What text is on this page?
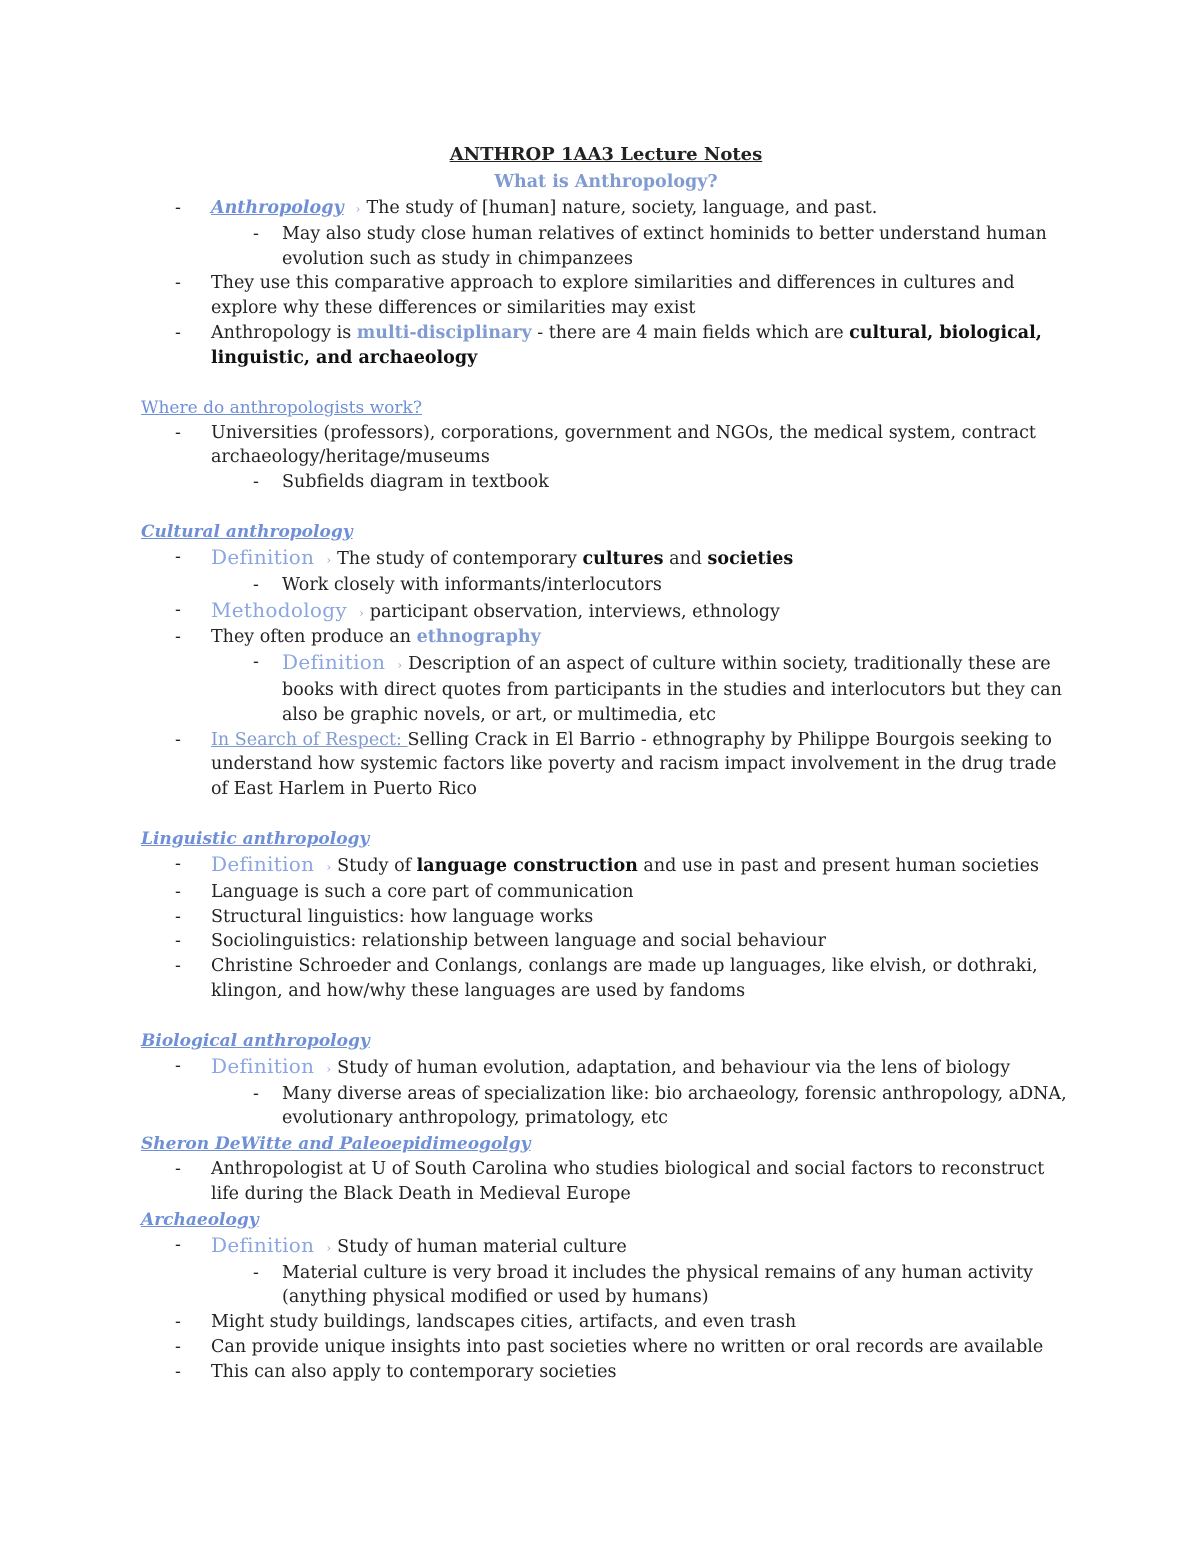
ANTHROP 1AA3 Lecture Notes
What is Anthropology?
- Anthropology › The study of [human] nature, society, language, and past.
- May also study close human relatives of extinct hominids to better understand human evolution such as study in chimpanzees
- They use this comparative approach to explore similarities and differences in cultures and explore why these differences or similarities may exist
- Anthropology is multi-disciplinary - there are 4 main fields which are cultural, biological, linguistic, and archaeology
Where do anthropologists work?
- Universities (professors), corporations, government and NGOs, the medical system, contract archaeology/heritage/museums
- Subfields diagram in textbook
Cultural anthropology
- Definition › The study of contemporary cultures and societies
- Work closely with informants/interlocutors
- Methodology › participant observation, interviews, ethnology
- They often produce an ethnography
- Definition › Description of an aspect of culture within society, traditionally these are books with direct quotes from participants in the studies and interlocutors but they can also be graphic novels, or art, or multimedia, etc
- In Search of Respect: Selling Crack in El Barrio - ethnography by Philippe Bourgois seeking to understand how systemic factors like poverty and racism impact involvement in the drug trade of East Harlem in Puerto Rico
Linguistic anthropology
- Definition › Study of language construction and use in past and present human societies
- Language is such a core part of communication
- Structural linguistics: how language works
- Sociolinguistics: relationship between language and social behaviour
- Christine Schroeder and Conlangs, conlangs are made up languages, like elvish, or dothraki, klingon, and how/why these languages are used by fandoms
Biological anthropology
- Definition › Study of human evolution, adaptation, and behaviour via the lens of biology
- Many diverse areas of specialization like: bio archaeology, forensic anthropology, aDNA, evolutionary anthropology, primatology, etc
Sheron DeWitte and Paleoepidimeogolgy
- Anthropologist at U of South Carolina who studies biological and social factors to reconstruct life during the Black Death in Medieval Europe
Archaeology
- Definition › Study of human material culture
- Material culture is very broad it includes the physical remains of any human activity (anything physical modified or used by humans)
- Might study buildings, landscapes cities, artifacts, and even trash
- Can provide unique insights into past societies where no written or oral records are available
- This can also apply to contemporary societies
